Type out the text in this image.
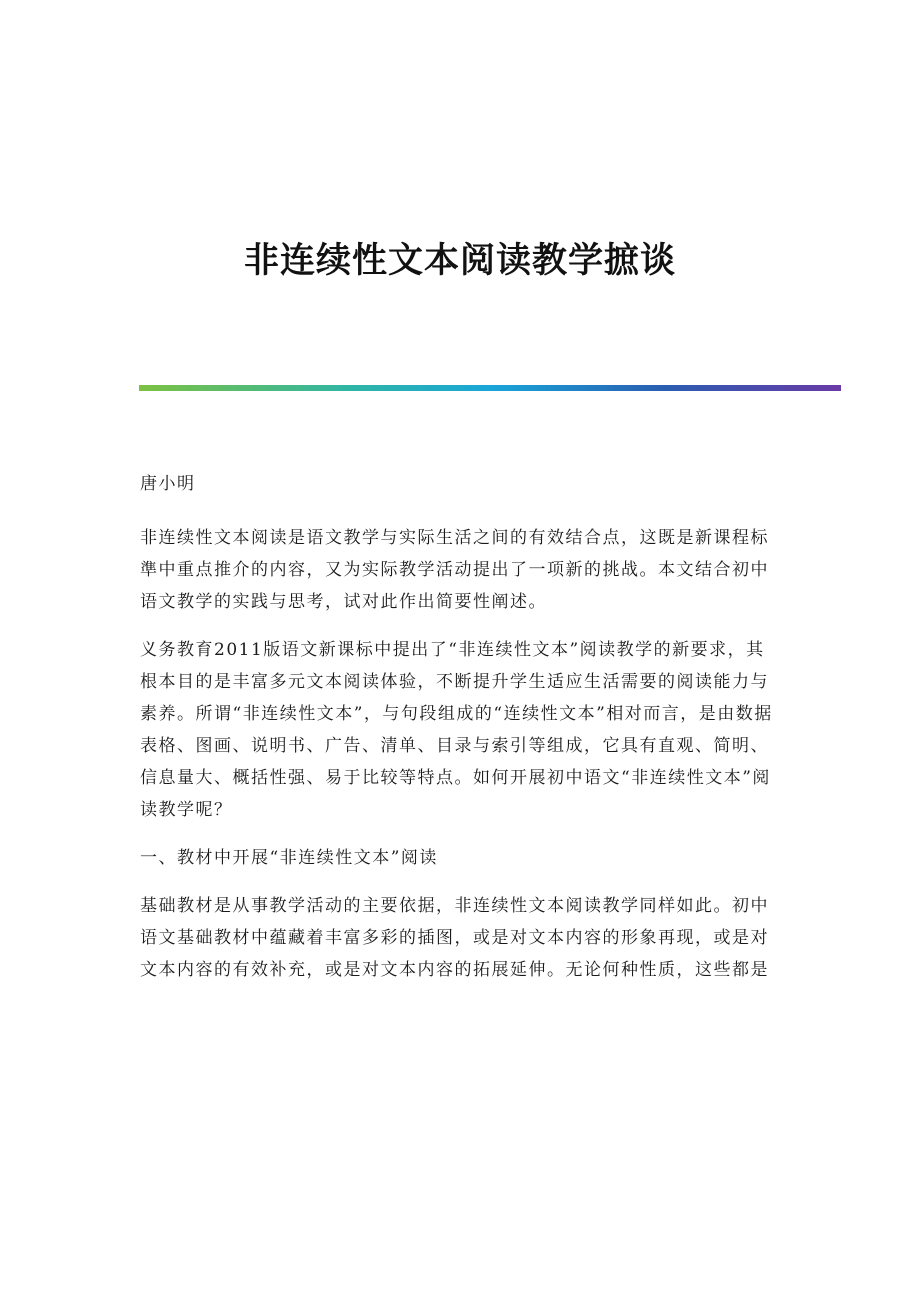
非连续性文本阅读教学摭谈

唐小明

非连续性文本阅读是语文教学与实际生活之间的有效结合点，这既是新课程标準中重点推介的内容，又为实际教学活动提出了一项新的挑战。本文结合初中语文教学的实践与思考，试对此作出简要性阐述。

义务教育2011版语文新课标中提出了“非连续性文本”阅读教学的新要求，其根本目的是丰富多元文本阅读体验，不断提升学生适应生活需要的阅读能力与素养。所谓“非连续性文本”，与句段组成的“连续性文本”相对而言，是由数据表格、图画、说明书、广告、清单、目录与索引等组成，它具有直观、简明、信息量大、概括性强、易于比较等特点。如何开展初中语文“非连续性文本”阅读教学呢？

一、教材中开展“非连续性文本”阅读

基础教材是从事教学活动的主要依据，非连续性文本阅读教学同样如此。初中语文基础教材中蕴藏着丰富多彩的插图，或是对文本内容的形象再现，或是对文本内容的有效补充，或是对文本内容的拓展延伸。无论何种性质，这些都是
